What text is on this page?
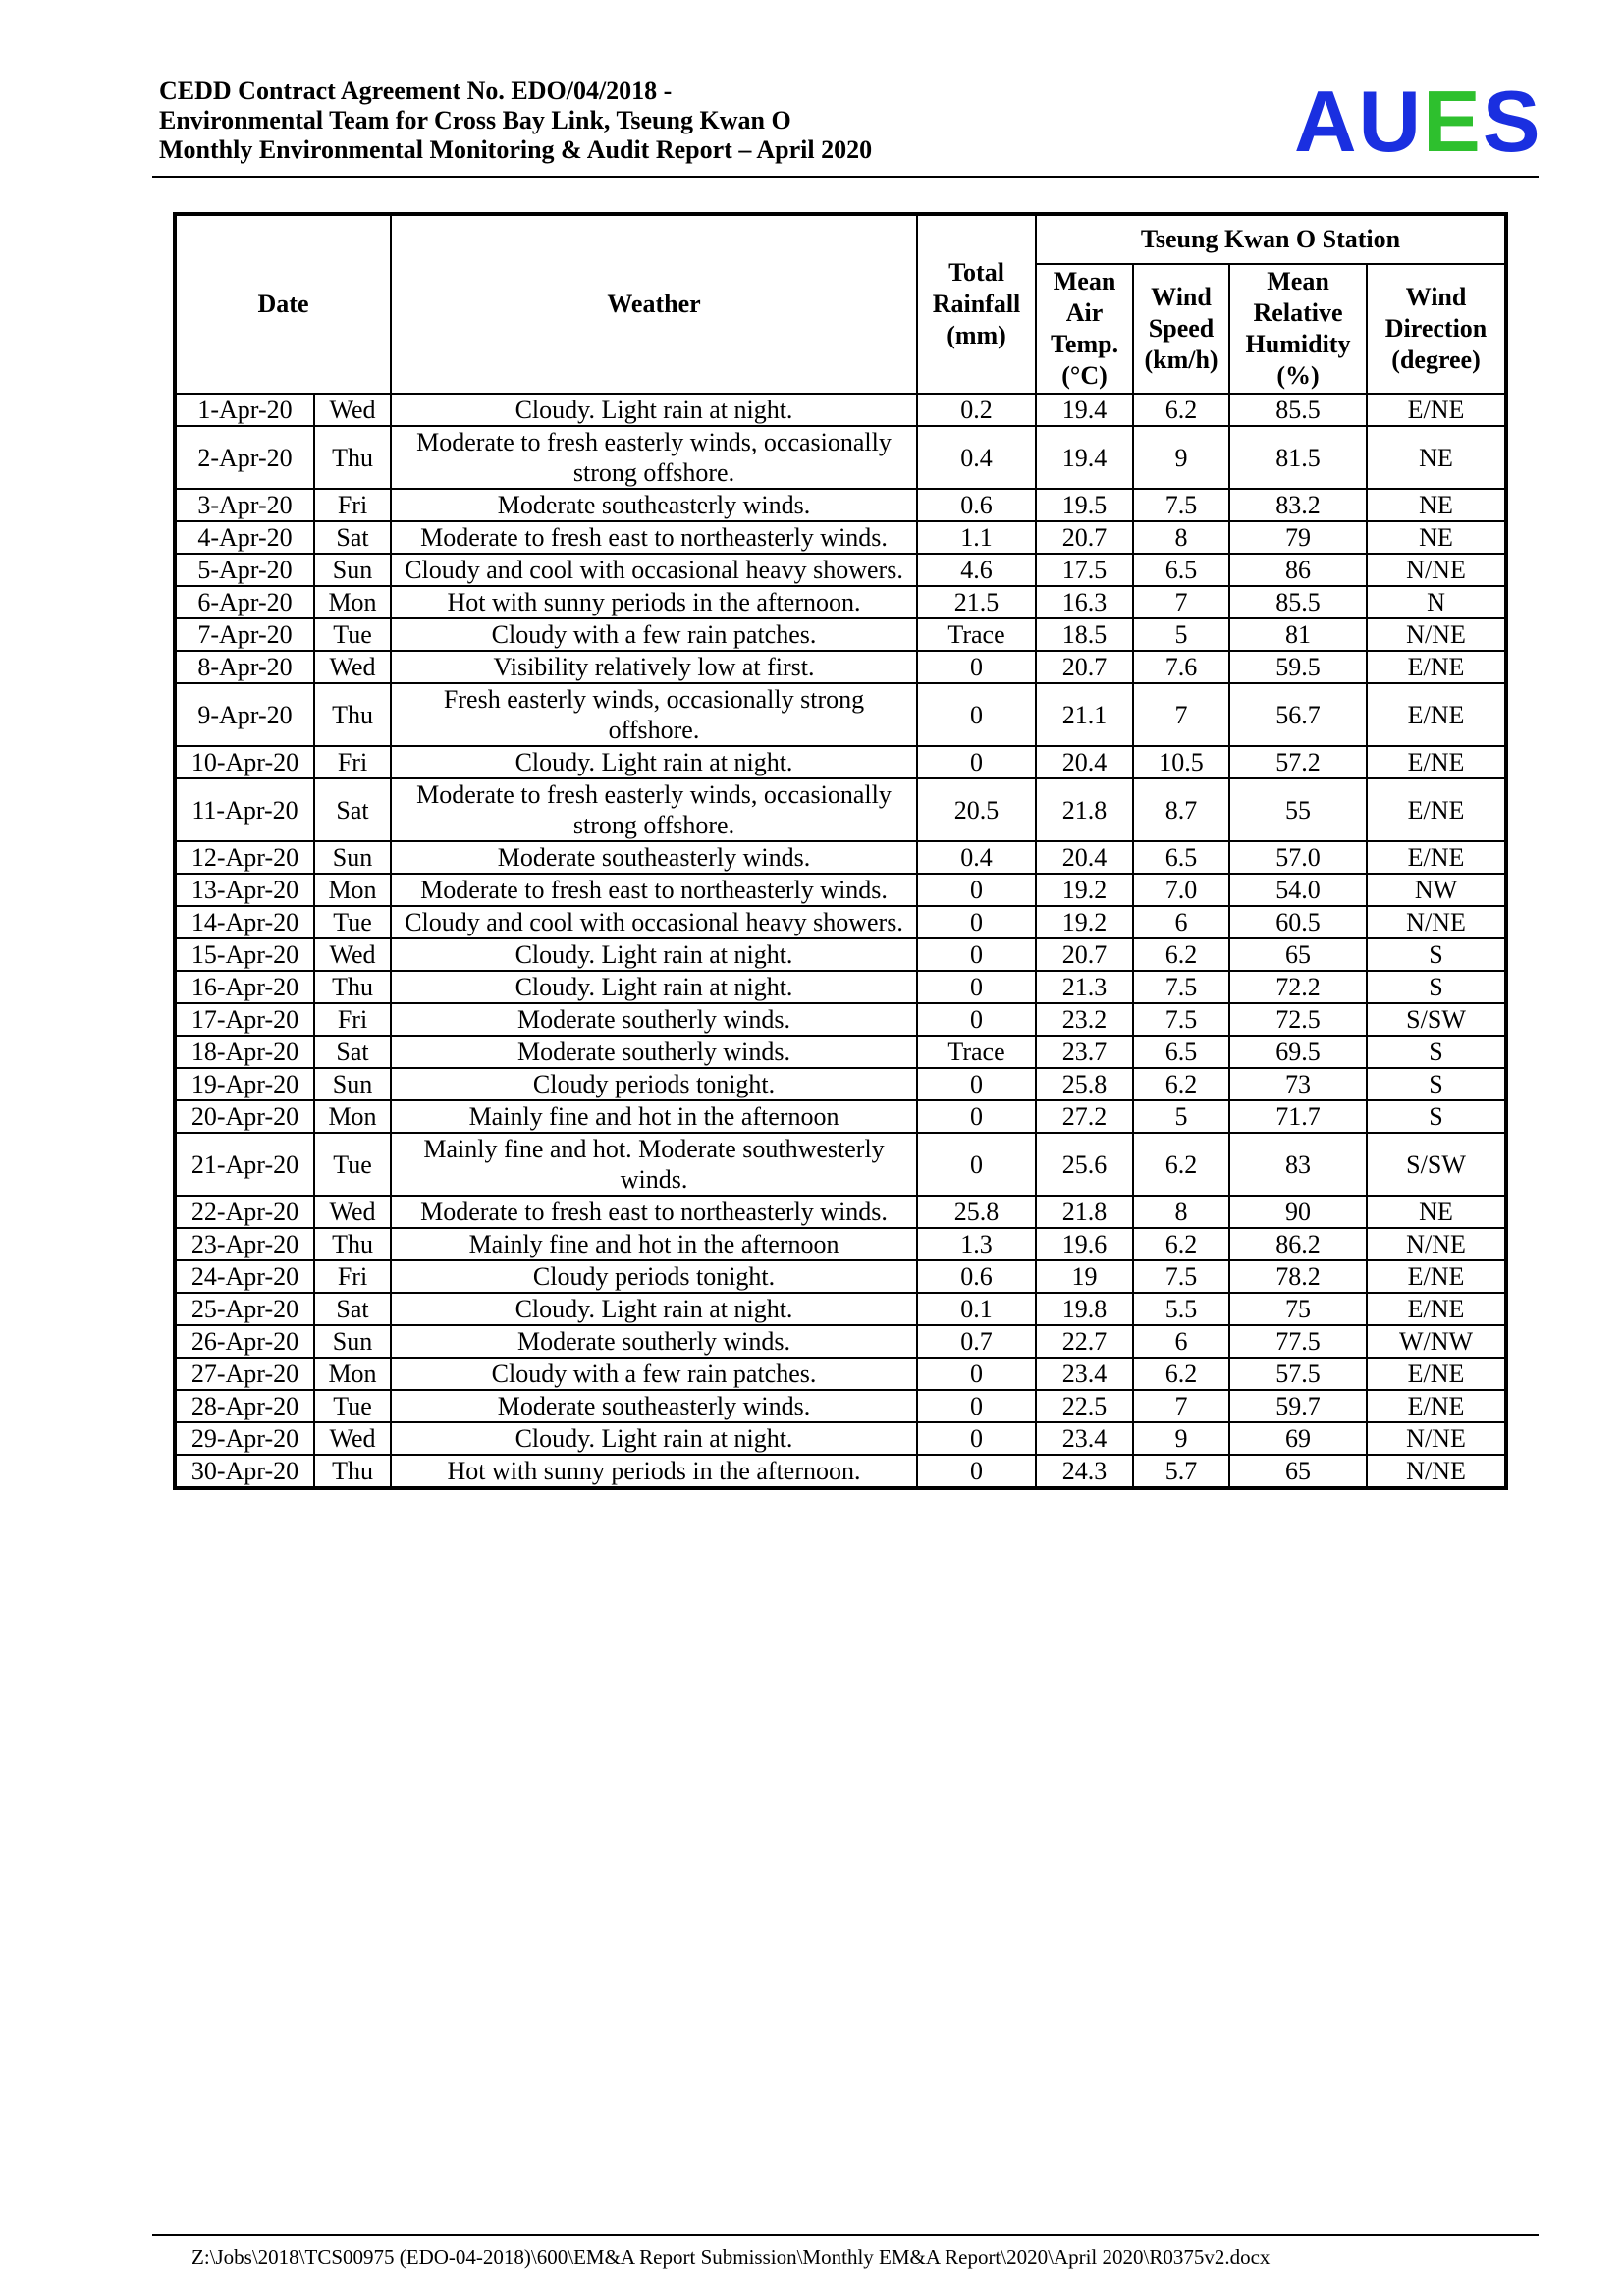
CEDD Contract Agreement No. EDO/04/2018 -
Environmental Team for Cross Bay Link, Tseung Kwan O
Monthly Environmental Monitoring & Audit Report – April 2020	AUES
Date		Weather	Total Rainfall (mm)	Tseung Kwan O Station			
				Mean Air Temp. (°C)	Wind Speed (km/h)	Mean Relative Humidity (%)	Wind Direction (degree)
1-Apr-20	Wed	Cloudy. Light rain at night.	0.2	19.4	6.2	85.5	E/NE
2-Apr-20	Thu	Moderate to fresh easterly winds, occasionally strong offshore.	0.4	19.4	9	81.5	NE
3-Apr-20	Fri	Moderate southeasterly winds.	0.6	19.5	7.5	83.2	NE
4-Apr-20	Sat	Moderate to fresh east to northeasterly winds.	1.1	20.7	8	79	NE
5-Apr-20	Sun	Cloudy and cool with occasional heavy showers.	4.6	17.5	6.5	86	N/NE
6-Apr-20	Mon	Hot with sunny periods in the afternoon.	21.5	16.3	7	85.5	N
7-Apr-20	Tue	Cloudy with a few rain patches.	Trace	18.5	5	81	N/NE
8-Apr-20	Wed	Visibility relatively low at first.	0	20.7	7.6	59.5	E/NE
9-Apr-20	Thu	Fresh easterly winds, occasionally strong offshore.	0	21.1	7	56.7	E/NE
10-Apr-20	Fri	Cloudy. Light rain at night.	0	20.4	10.5	57.2	E/NE
11-Apr-20	Sat	Moderate to fresh easterly winds, occasionally strong offshore.	20.5	21.8	8.7	55	E/NE
12-Apr-20	Sun	Moderate southeasterly winds.	0.4	20.4	6.5	57.0	E/NE
13-Apr-20	Mon	Moderate to fresh east to northeasterly winds.	0	19.2	7.0	54.0	NW
14-Apr-20	Tue	Cloudy and cool with occasional heavy showers.	0	19.2	6	60.5	N/NE
15-Apr-20	Wed	Cloudy. Light rain at night.	0	20.7	6.2	65	S
16-Apr-20	Thu	Cloudy. Light rain at night.	0	21.3	7.5	72.2	S
17-Apr-20	Fri	Moderate southerly winds.	0	23.2	7.5	72.5	S/SW
18-Apr-20	Sat	Moderate southerly winds.	Trace	23.7	6.5	69.5	S
19-Apr-20	Sun	Cloudy periods tonight.	0	25.8	6.2	73	S
20-Apr-20	Mon	Mainly fine and hot in the afternoon	0	27.2	5	71.7	S
21-Apr-20	Tue	Mainly fine and hot. Moderate southwesterly winds.	0	25.6	6.2	83	S/SW
22-Apr-20	Wed	Moderate to fresh east to northeasterly winds.	25.8	21.8	8	90	NE
23-Apr-20	Thu	Mainly fine and hot in the afternoon	1.3	19.6	6.2	86.2	N/NE
24-Apr-20	Fri	Cloudy periods tonight.	0.6	19	7.5	78.2	E/NE
25-Apr-20	Sat	Cloudy. Light rain at night.	0.1	19.8	5.5	75	E/NE
26-Apr-20	Sun	Moderate southerly winds.	0.7	22.7	6	77.5	W/NW
27-Apr-20	Mon	Cloudy with a few rain patches.	0	23.4	6.2	57.5	E/NE
28-Apr-20	Tue	Moderate southeasterly winds.	0	22.5	7	59.7	E/NE
29-Apr-20	Wed	Cloudy. Light rain at night.	0	23.4	9	69	N/NE
30-Apr-20	Thu	Hot with sunny periods in the afternoon.	0	24.3	5.7	65	N/NE
Z:\Jobs\2018\TCS00975 (EDO-04-2018)\600\EM&A Report Submission\Monthly EM&A Report\2020\April 2020\R0375v2.docx
